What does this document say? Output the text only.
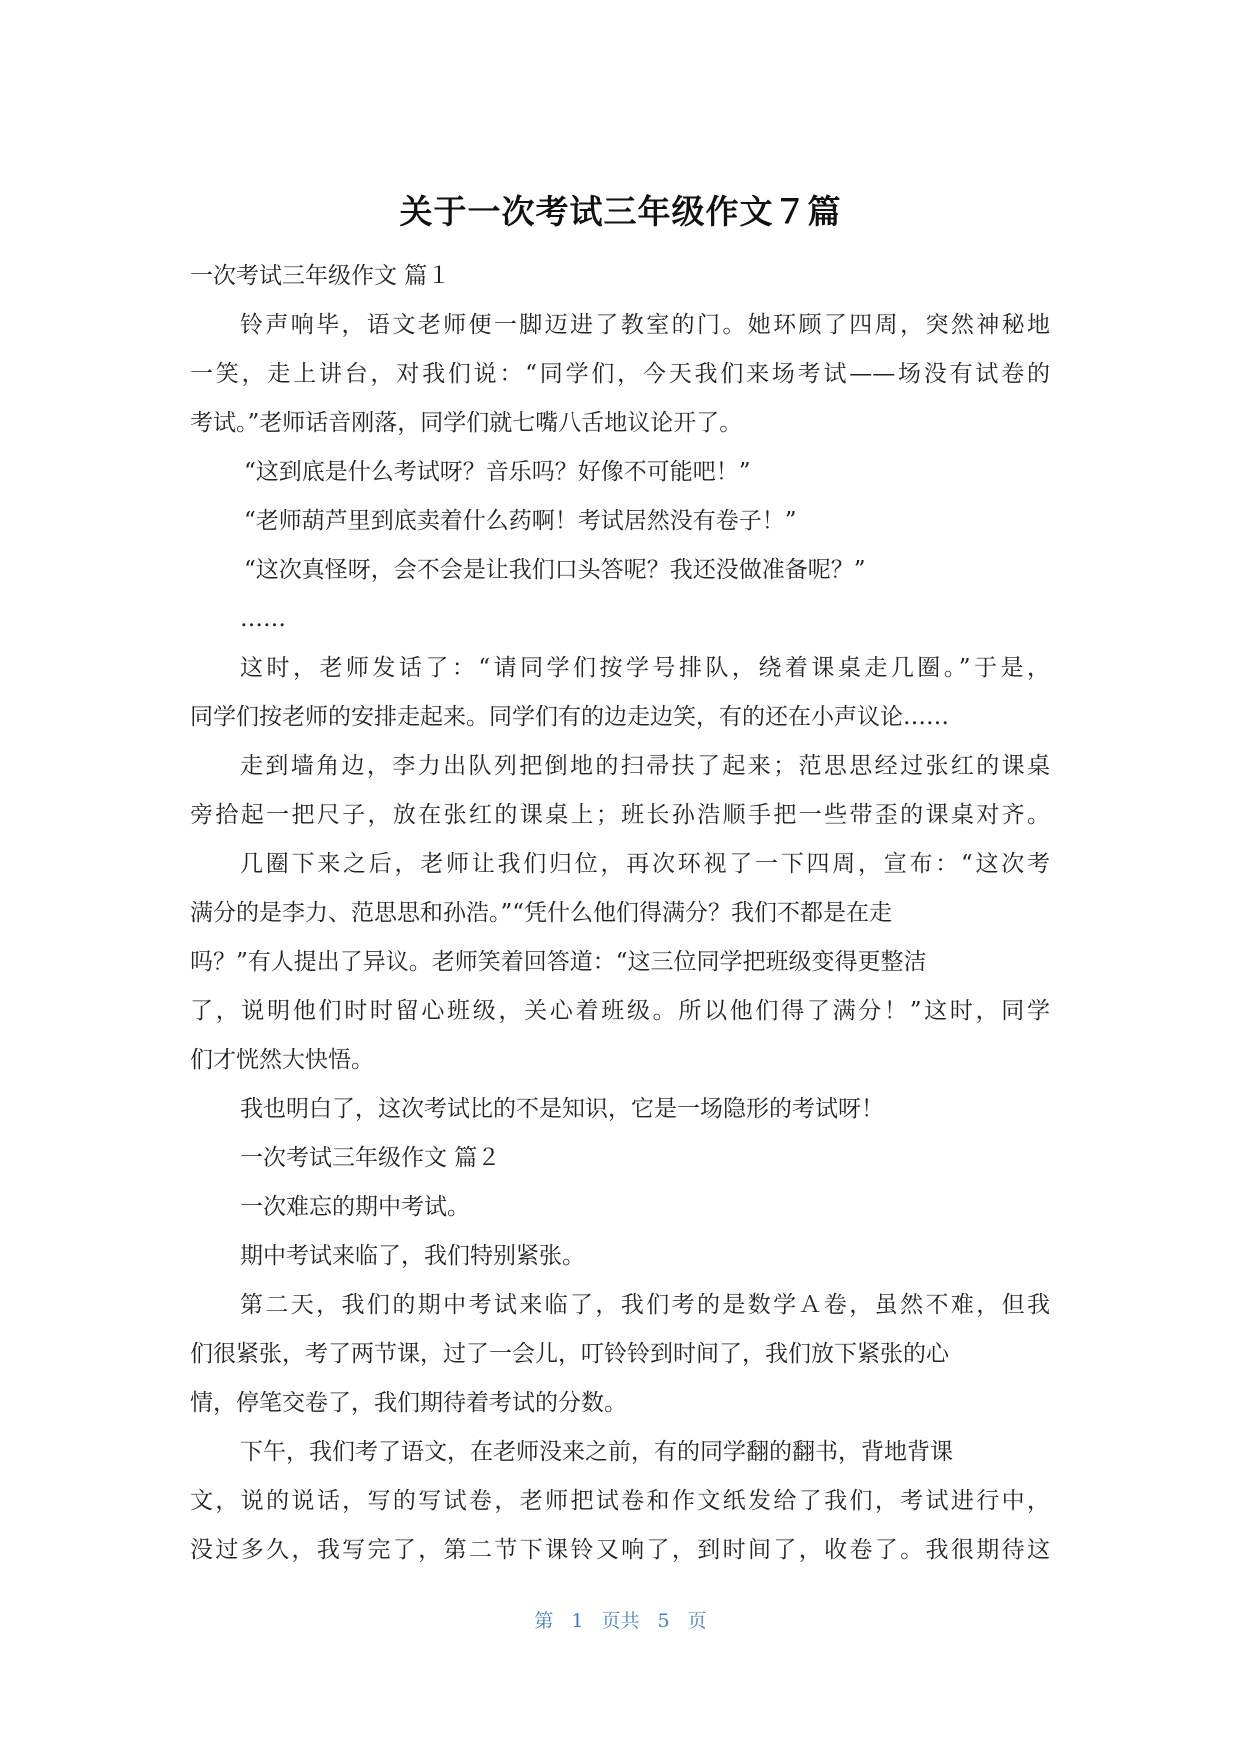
关于一次考试三年级作文７篇
一次考试三年级作文 篇１
铃声响毕，语文老师便一脚迈进了教室的门。她环顾了四周，突然神秘地
一笑，走上讲台，对我们说：“同学们，今天我们来场考试——场没有试卷的
考试。”老师话音刚落，同学们就七嘴八舌地议论开了。
“这到底是什么考试呀？音乐吗？好像不可能吧！”
“老师葫芦里到底卖着什么药啊！考试居然没有卷子！”
“这次真怪呀，会不会是让我们口头答呢？我还没做准备呢？”
……
这时，老师发话了：“请同学们按学号排队，绕着课桌走几圈。”于是，
同学们按老师的安排走起来。同学们有的边走边笑，有的还在小声议论……
走到墙角边，李力出队列把倒地的扫帚扶了起来；范思思经过张红的课桌
旁拾起一把尺子，放在张红的课桌上；班长孙浩顺手把一些带歪的课桌对齐。
几圈下来之后，老师让我们归位，再次环视了一下四周，宣布：“这次考
满分的是李力、范思思和孙浩。”“凭什么他们得满分？我们不都是在走
吗？”有人提出了异议。老师笑着回答道：“这三位同学把班级变得更整洁
了，说明他们时时留心班级，关心着班级。所以他们得了满分！”这时，同学
们才恍然大快悟。
我也明白了，这次考试比的不是知识，它是一场隐形的考试呀！
一次考试三年级作文 篇２
一次难忘的期中考试。
期中考试来临了，我们特别紧张。
第二天，我们的期中考试来临了，我们考的是数学Ａ卷，虽然不难，但我
们很紧张，考了两节课，过了一会儿，叮铃铃到时间了，我们放下紧张的心
情，停笔交卷了，我们期待着考试的分数。
下午，我们考了语文，在老师没来之前，有的同学翻的翻书，背地背课
文，说的说话，写的写试卷，老师把试卷和作文纸发给了我们，考试进行中，
没过多久，我写完了，第二节下课铃又响了，到时间了，收卷了。我很期待这
第 1 页共 5 页
